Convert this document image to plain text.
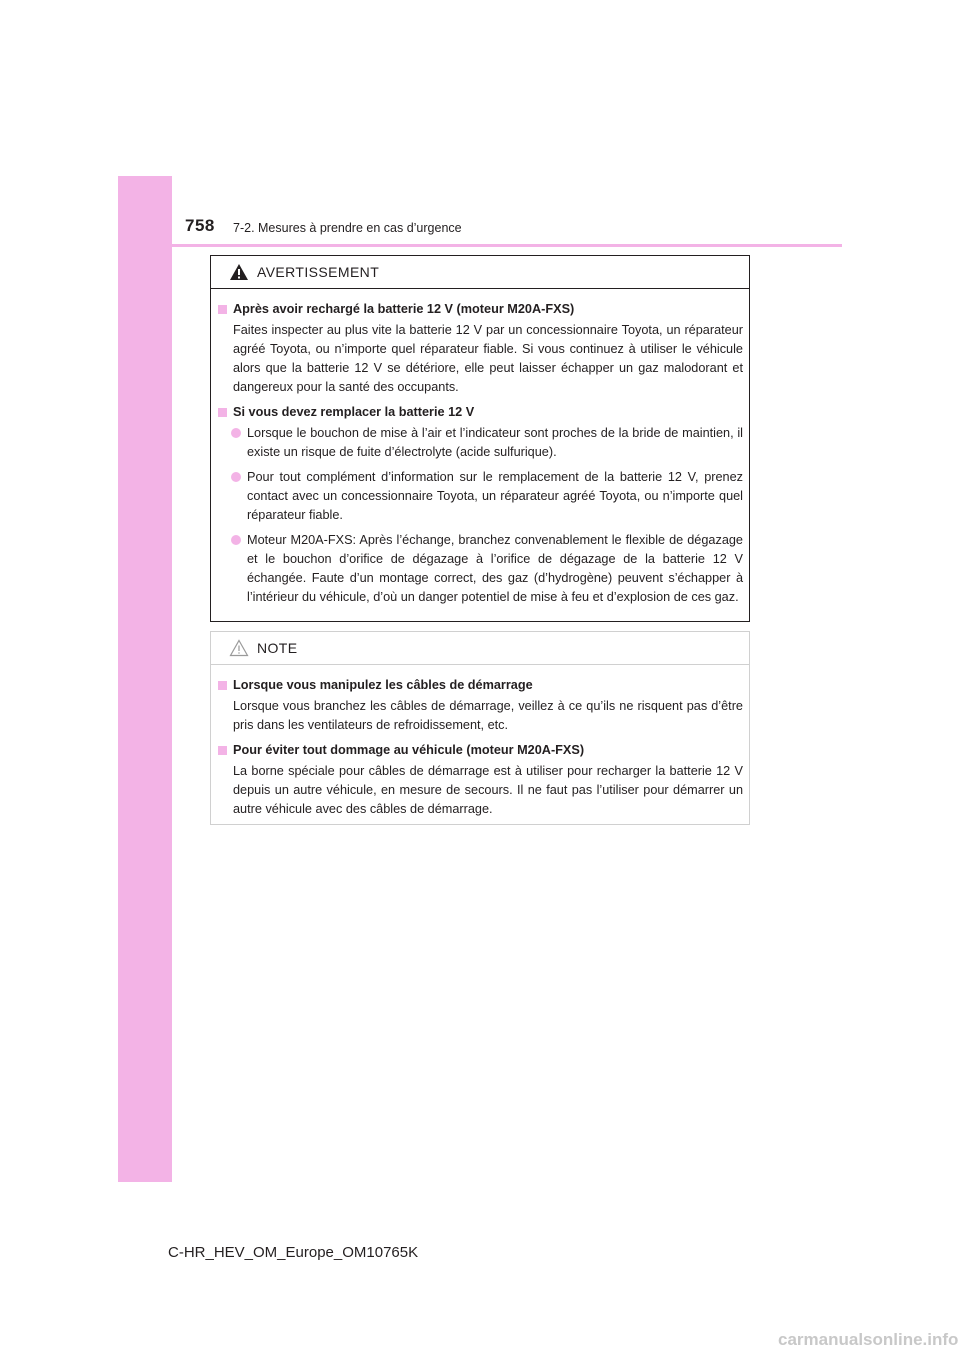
758 7-2. Mesures à prendre en cas d’urgence
AVERTISSEMENT
Après avoir rechargé la batterie 12 V (moteur M20A-FXS)
Faites inspecter au plus vite la batterie 12 V par un concessionnaire Toyota, un réparateur agréé Toyota, ou n’importe quel réparateur fiable. Si vous continuez à utiliser le véhicule alors que la batterie 12 V se détériore, elle peut laisser échapper un gaz malodorant et dangereux pour la santé des occupants.
Si vous devez remplacer la batterie 12 V
Lorsque le bouchon de mise à l’air et l’indicateur sont proches de la bride de maintien, il existe un risque de fuite d’électrolyte (acide sulfurique).
Pour tout complément d’information sur le remplacement de la batterie 12 V, prenez contact avec un concessionnaire Toyota, un réparateur agréé Toyota, ou n’importe quel réparateur fiable.
Moteur M20A-FXS: Après l’échange, branchez convenablement le flexible de dégazage et le bouchon d’orifice de dégazage à l’orifice de dégazage de la batterie 12 V échangée. Faute d’un montage correct, des gaz (d’hydrogène) peuvent s’échapper à l’intérieur du véhicule, d’où un danger potentiel de mise à feu et d’explosion de ces gaz.
NOTE
Lorsque vous manipulez les câbles de démarrage
Lorsque vous branchez les câbles de démarrage, veillez à ce qu’ils ne risquent pas d’être pris dans les ventilateurs de refroidissement, etc.
Pour éviter tout dommage au véhicule (moteur M20A-FXS)
La borne spéciale pour câbles de démarrage est à utiliser pour recharger la batterie 12 V depuis un autre véhicule, en mesure de secours. Il ne faut pas l’utiliser pour démarrer un autre véhicule avec des câbles de démarrage.
C-HR_HEV_OM_Europe_OM10765K
carmanualsonline.info
